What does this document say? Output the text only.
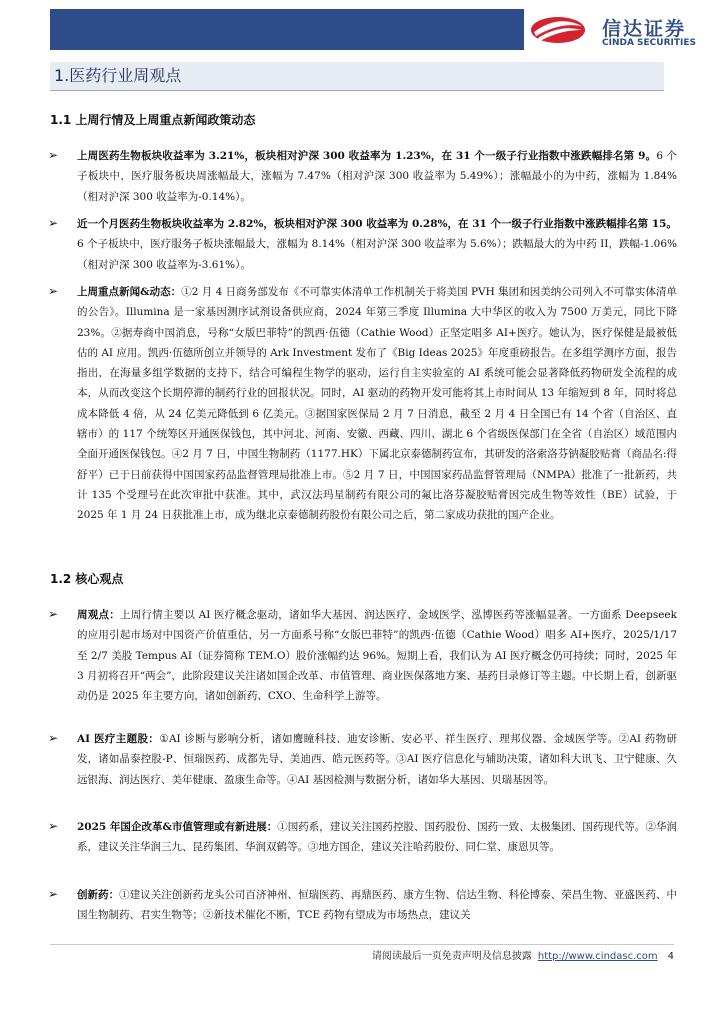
信达证券
CINDA SECURITIES
1.医药行业周观点
1.1 上周行情及上周重点新闻政策动态
➢ 上周医药生物板块收益率为 3.21%，板块相对沪深 300 收益率为 1.23%，在 31 个一级子行业指数中涨跌幅排名第 9。6 个子板块中，医疗服务板块周涨幅最大，涨幅为 7.47%（相对沪深 300 收益率为 5.49%）；涨幅最小的为中药，涨幅为 1.84%（相对沪深 300 收益率为-0.14%）。

➢ 近一个月医药生物板块收益率为 2.82%，板块相对沪深 300 收益率为 0.28%，在 31 个一级子行业指数中涨跌幅排名第 15。6 个子板块中，医疗服务子板块涨幅最大，涨幅为 8.14%（相对沪深 300 收益率为 5.6%）；跌幅最大的为中药 II，跌幅-1.06%（相对沪深 300 收益率为-3.61%）。

➢ 上周重点新闻&动态：①2 月 4 日商务部发布《不可靠实体清单工作机制关于将美国 PVH 集团和因美纳公司列入不可靠实体清单的公告》。Illumina 是一家基因测序试剂设备供应商，2024 年第三季度 Illumina 大中华区的收入为 7500 万美元，同比下降 23%。②据寿商中国消息，号称“女版巴菲特”的凯西·伍德（Cathie Wood）正坚定唱多 AI+医疗。她认为，医疗保健是最被低估的 AI 应用。凯西·伍德所创立并领导的 Ark Investment 发布了《Big Ideas 2025》年度重磅报告。在多组学测序方面，报告指出，在海量多组学数据的支持下，结合可编程生物学的驱动，运行自主实验室的 AI 系统可能会显著降低药物研发全流程的成本，从而改变这个长期停滞的制药行业的回报状况。同时，AI 驱动的药物开发可能将其上市时间从 13 年缩短到 8 年，同时将总成本降低 4 倍，从 24 亿美元降低到 6 亿美元。③据国家医保局 2 月 7 日消息，截至 2 月 4 日全国已有 14 个省（自治区、直辖市）的 117 个统筹区开通医保钱包，其中河北、河南、安徽、西藏、四川、湖北 6 个省级医保部门在全省（自治区）域范围内全面开通医保钱包。④2 月 7 日，中国生物制药（1177.HK）下属北京泰德制药宣布，其研发的洛索洛芬钠凝胶贴膏（商品名:得舒平）已于日前获得中国国家药品监督管理局批准上市。⑤2 月 7 日，中国国家药品监督管理局（NMPA）批准了一批新药，共计 135 个受理号在此次审批中获准。其中，武汉法玛星制药有限公司的氟比洛芬凝胶贴膏因完成生物等效性（BE）试验，于 2025 年 1 月 24 日获批准上市，成为继北京泰德制药股份有限公司之后，第二家成功获批的国产企业。

1.2 核心观点
➢ 周观点：上周行情主要以 AI 医疗概念驱动，诸如华大基因、润达医疗、金域医学、泓博医药等涨幅显著。一方面系 Deepseek 的应用引起市场对中国资产价值重估，另一方面系号称“女版巴菲特”的凯西·伍德（Cathie Wood）唱多 AI+医疗，2025/1/17 至 2/7 美股 Tempus AI（证券简称 TEM.O）股价涨幅约达 96%。短期上看，我们认为 AI 医疗概念仍可持续；同时，2025 年 3 月初将召开“两会”，此阶段建议关注诸如国企改革、市值管理、商业医保落地方案、基药目录修订等主题。中长期上看，创新驱动仍是 2025 年主要方向，诸如创新药、CXO、生命科学上游等。

➢ AI 医疗主题股：①AI 诊断与影响分析，诸如鹰瞳科技、迪安诊断、安必平、祥生医疗、理邦仪器、金域医学等。②AI 药物研发，诸如晶泰控股-P、恒瑞医药、成都先导、美迪西、皓元医药等。③AI 医疗信息化与辅助决策，诸如科大讯飞、卫宁健康、久远银海、润达医疗、美年健康、盈康生命等。④AI 基因检测与数据分析，诸如华大基因、贝瑞基因等。

➢ 2025 年国企改革&市值管理或有新进展：①国药系，建议关注国药控股、国药股份、国药一致、太极集团、国药现代等。②华润系，建议关注华润三九、昆药集团、华润双鹤等。③地方国企，建议关注哈药股份、同仁堂、康恩贝等。

➢ 创新药：①建议关注创新药龙头公司百济神州、恒瑞医药、再鼎医药、康方生物、信达生物、科伦博泰、荣昌生物、亚盛医药、中国生物制药、君实生物等；②新技术催化不断，TCE 药物有望成为市场热点，建议关

请阅读最后一页免责声明及信息披露 http://www.cindasc.com 4
